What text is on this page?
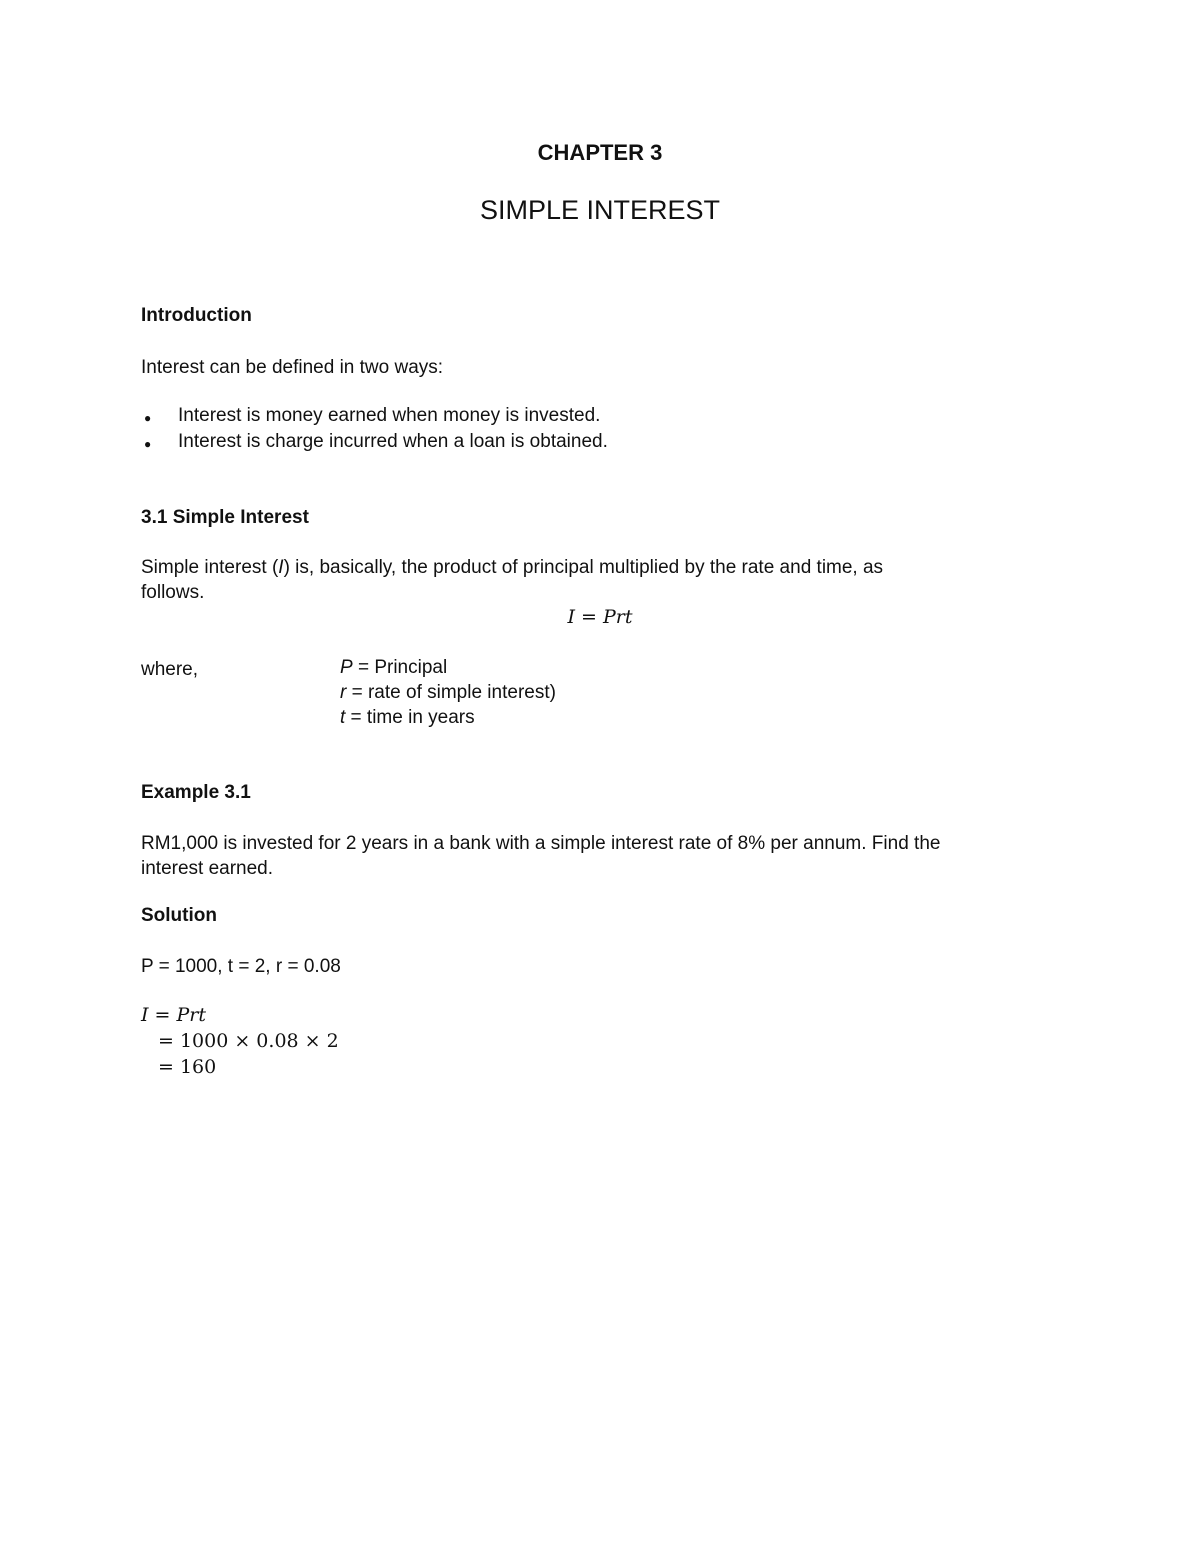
CHAPTER 3
SIMPLE INTEREST
Introduction
Interest can be defined in two ways:
● Interest is money earned when money is invested.
● Interest is charge incurred when a loan is obtained.
3.1 Simple Interest
Simple interest (I) is, basically, the product of principal multiplied by the rate and time, as
follows.
I = Prt
where,	P = Principal
r = rate of simple interest)
t = time in years
Example 3.1
RM1,000 is invested for 2 years in a bank with a simple interest rate of 8% per annum. Find the
interest earned.
Solution
P = 1000, t = 2, r = 0.08
I = Prt
= 1000 × 0.08 × 2
= 160
